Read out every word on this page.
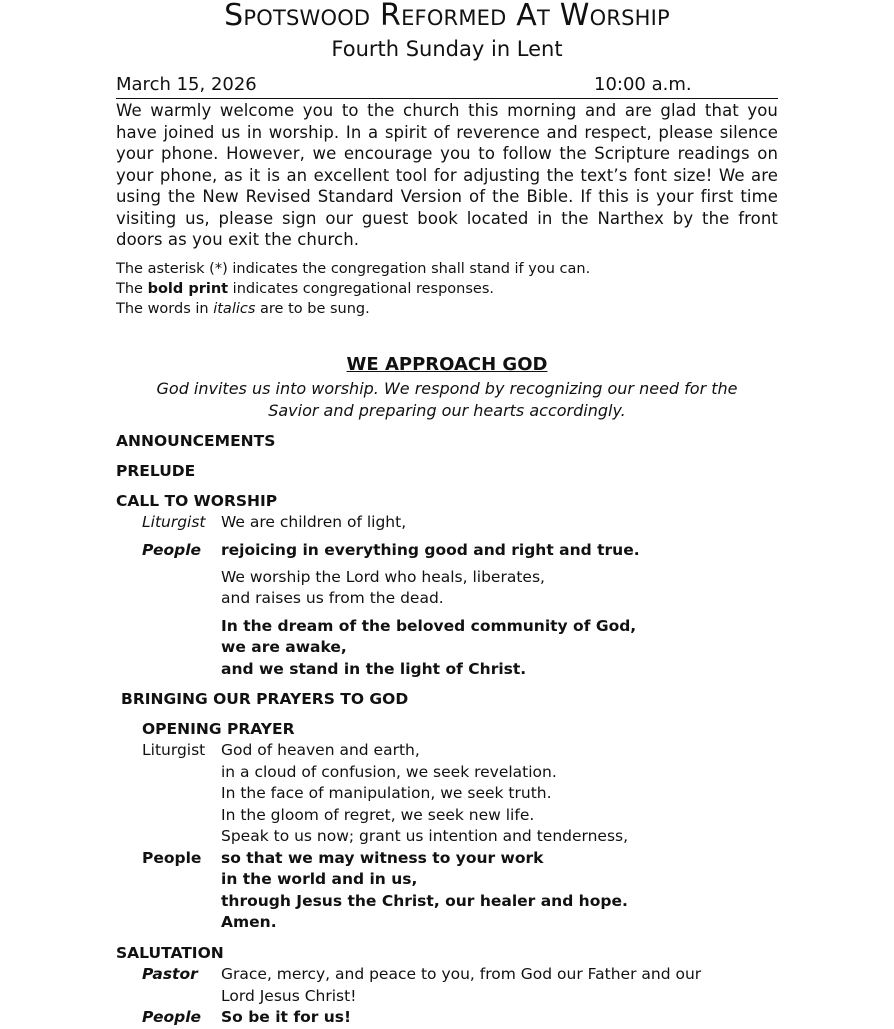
Spotswood Reformed At Worship
Fourth Sunday in Lent
March 15, 2026	10:00 a.m.
We warmly welcome you to the church this morning and are glad that you have joined us in worship. In a spirit of reverence and respect, please silence your phone. However, we encourage you to follow the Scripture readings on your phone, as it is an excellent tool for adjusting the text’s font size! We are using the New Revised Standard Version of the Bible. If this is your first time visiting us, please sign our guest book located in the Narthex by the front doors as you exit the church.
The asterisk (*) indicates the congregation shall stand if you can.
The bold print indicates congregational responses.
The words in italics are to be sung.
WE APPROACH GOD
God invites us into worship. We respond by recognizing our need for the Savior and preparing our hearts accordingly.
ANNOUNCEMENTS
PRELUDE
CALL TO WORSHIP
Liturgist We are children of light,
People rejoicing in everything good and right and true.
We worship the Lord who heals, liberates,
and raises us from the dead.
In the dream of the beloved community of God,
we are awake,
and we stand in the light of Christ.
BRINGING OUR PRAYERS TO GOD
OPENING PRAYER
Liturgist God of heaven and earth,
in a cloud of confusion, we seek revelation.
In the face of manipulation, we seek truth.
In the gloom of regret, we seek new life.
Speak to us now; grant us intention and tenderness,
People so that we may witness to your work
in the world and in us,
through Jesus the Christ, our healer and hope.
Amen.
SALUTATION
Pastor Grace, mercy, and peace to you, from God our Father and our
Lord Jesus Christ!
People So be it for us!
